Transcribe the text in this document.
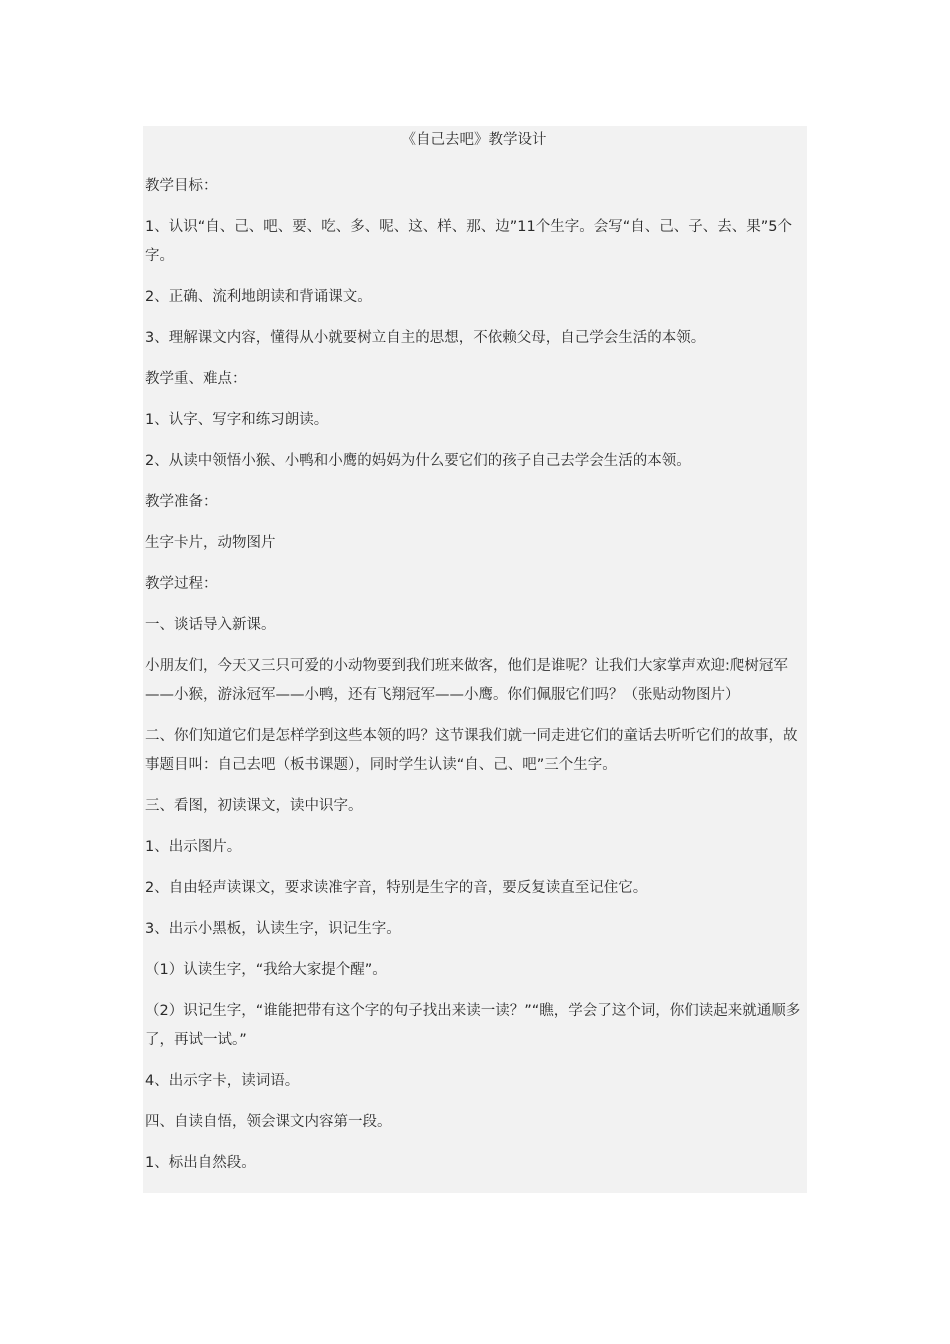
《自己去吧》教学设计

教学目标：

1、认识“自、己、吧、要、吃、多、呢、这、样、那、边”11个生字。会写“自、己、子、去、果”5个字。

2、正确、流利地朗读和背诵课文。

3、理解课文内容，懂得从小就要树立自主的思想，不依赖父母，自己学会生活的本领。

教学重、难点：

1、认字、写字和练习朗读。

2、从读中领悟小猴、小鸭和小鹰的妈妈为什么要它们的孩子自己去学会生活的本领。

教学准备：

生字卡片，动物图片

教学过程：

一、谈话导入新课。

小朋友们，今天又三只可爱的小动物要到我们班来做客，他们是谁呢？让我们大家掌声欢迎:爬树冠军——小猴，游泳冠军——小鸭，还有飞翔冠军——小鹰。你们佩服它们吗？（张贴动物图片）

二、你们知道它们是怎样学到这些本领的吗？这节课我们就一同走进它们的童话去听听它们的故事，故事题目叫：自己去吧（板书课题），同时学生认读“自、己、吧”三个生字。

三、看图，初读课文，读中识字。

1、出示图片。

2、自由轻声读课文，要求读准字音，特别是生字的音，要反复读直至记住它。

3、出示小黑板，认读生字，识记生字。

（1）认读生字，“我给大家提个醒”。

（2）识记生字，“谁能把带有这个字的句子找出来读一读？”“瞧，学会了这个词，你们读起来就通顺多了，再试一试。”

4、出示字卡，读词语。

四、自读自悟，领会课文内容第一段。

1、标出自然段。
